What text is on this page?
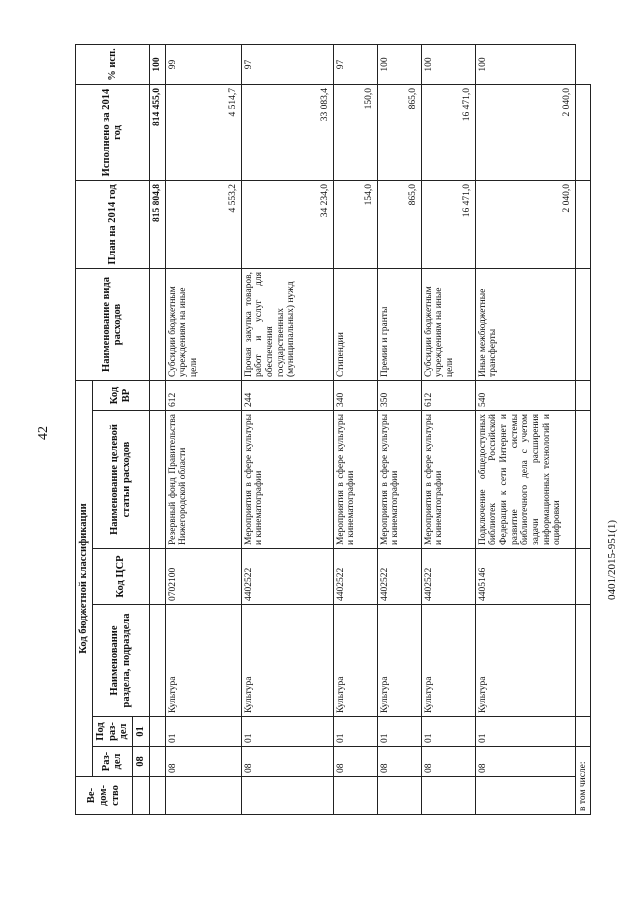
42
0401/2015-951(1)
Ве-дом-ство	Код бюджетной классификации						Наименование вида расходов	План на 2014 год	Исполнено за 2014 год	% исп.
	Раз-дел	Под раз-дел	Наименование раздела, подраздела	Код ЦСР	Наименование целевой статьи расходов	Код ВР				
	08	01								
								815 804,8	814 455,0	100
	08	01	Культура	0702100	Резервный фонд Правительства Нижегородской области	612	Субсидии бюджетным учреждениям на иные цели	4 553,2	4 514,7	99
	08	01	Культура	4402522	Мероприятия в сфере культуры и кинематографии	244	Прочая закупка товаров, работ и услуг для обеспечения государственных (муниципальных) нужд	34 234,0	33 083,4	97
	08	01	Культура	4402522	Мероприятия в сфере культуры и кинематографии	340	Стипендии	154,0	150,0	97
	08	01	Культура	4402522	Мероприятия в сфере культуры и кинематографии	350	Премии и гранты	865,0	865,0	100
	08	01	Культура	4402522	Мероприятия в сфере культуры и кинематографии	612	Субсидии бюджетным учреждениям на иные цели	16 471,0	16 471,0	100
	08	01	Культура	4405146	Подключение общедоступных библиотек Российской Федерации к сети Интернет и развитие системы библиотечного дела с учетом задачи расширения информационных технологий и оцифровки	540	Иные межбюджетные трансферты	2 040,0	2 040,0	100
в том числе:										
